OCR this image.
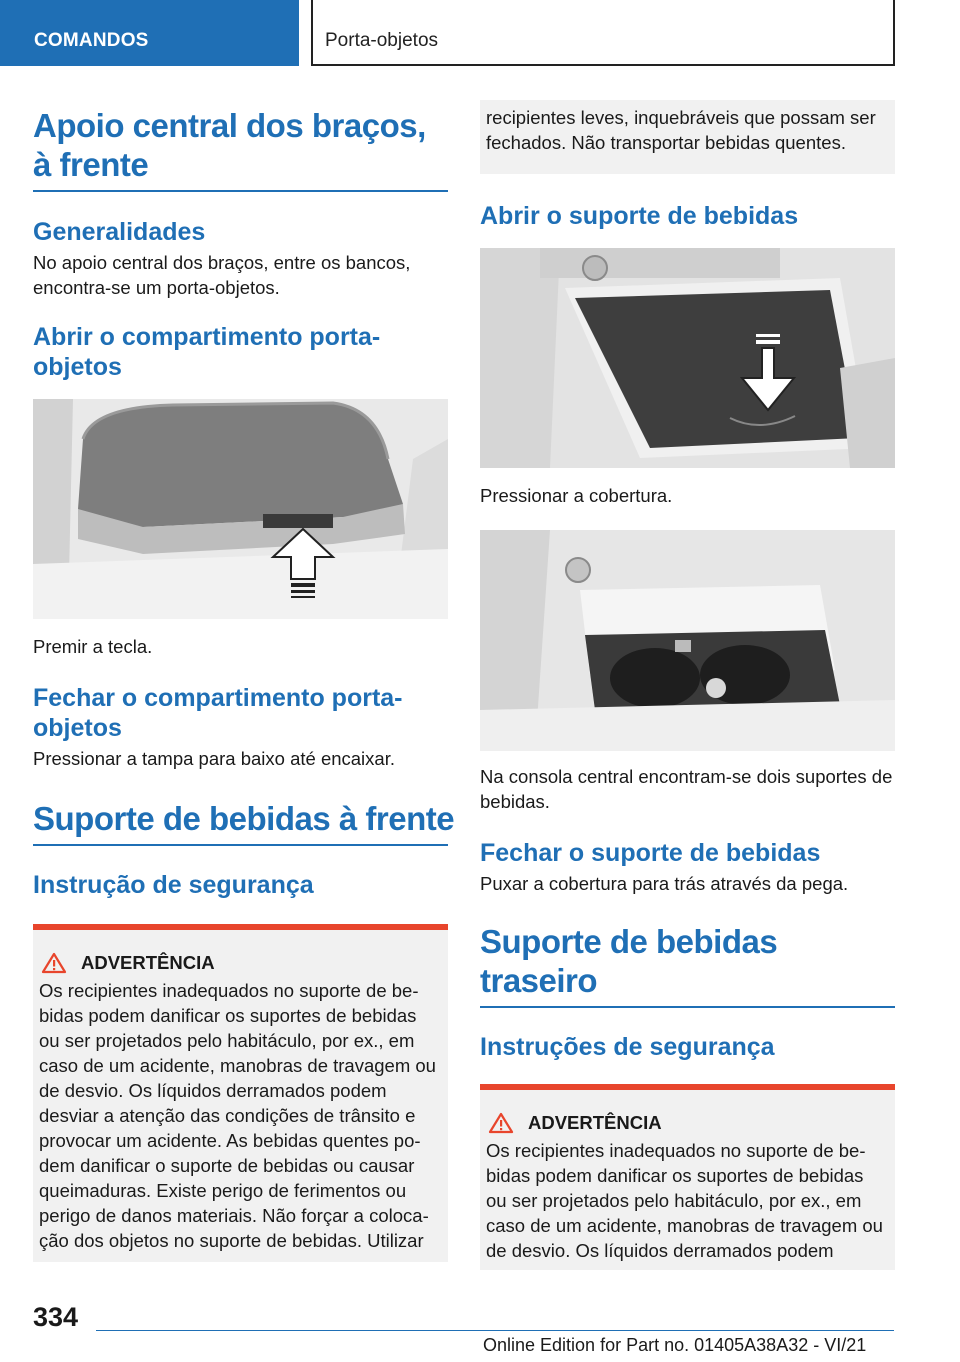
COMANDOS	Porta-objetos
Apoio central dos braços, à frente
Generalidades

No apoio central dos braços, entre os bancos, encontra-se um porta-objetos.

Abrir o compartimento porta-objetos

Premir a tecla.

Fechar o compartimento porta-objetos

Pressionar a tampa para baixo até encaixar.

Suporte de bebidas à frente
Instrução de segurança
ADVERTÊNCIA

Os recipientes inadequados no suporte de bebidas podem danificar os suportes de bebidas ou ser projetados pelo habitáculo, por ex., em caso de um acidente, manobras de travagem ou de desvio. Os líquidos derramados podem desviar a atenção das condições de trânsito e provocar um acidente. As bebidas quentes podem danificar o suporte de bebidas ou causar queimaduras. Existe perigo de ferimentos ou perigo de danos materiais. Não forçar a colocação dos objetos no suporte de bebidas. Utilizar

recipientes leves, inquebráveis que possam ser fechados. Não transportar bebidas quentes.

Abrir o suporte de bebidas

Pressionar a cobertura.

Na consola central encontram-se dois suportes de bebidas.

Fechar o suporte de bebidas

Puxar a cobertura para trás através da pega.

Suporte de bebidas traseiro
Instruções de segurança
ADVERTÊNCIA

Os recipientes inadequados no suporte de bebidas podem danificar os suportes de bebidas ou ser projetados pelo habitáculo, por ex., em caso de um acidente, manobras de travagem ou de desvio. Os líquidos derramados podem

334
Online Edition for Part no. 01405A38A32 - VI/21
